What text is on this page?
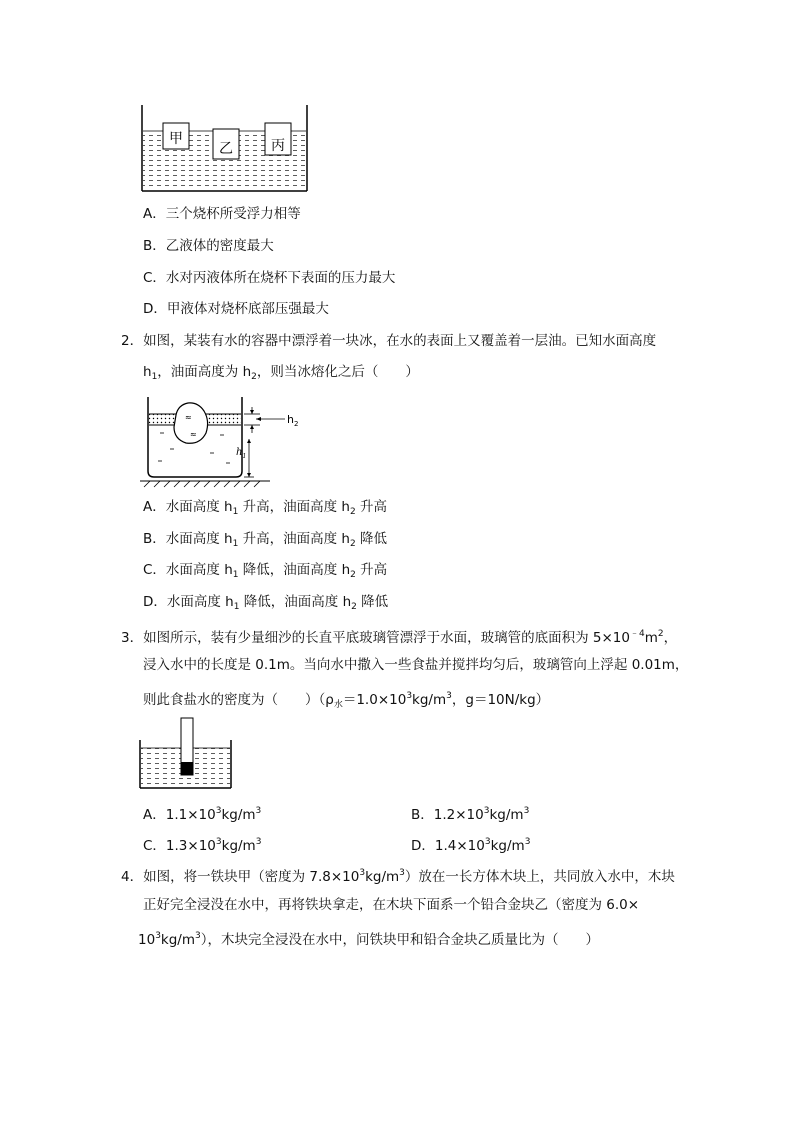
甲
乙	丙
A．三个烧杯所受浮力相等
B．乙液体的密度最大
C．水对丙液体所在烧杯下表面的压力最大
D．甲液体对烧杯底部压强最大
2．如图，某装有水的容器中漂浮着一块冰，在水的表面上又覆盖着一层油。已知水面高度
$h_1$，油面高度为 $h_2$，则当冰熔化之后（　　）
≈
≈
$h_2$
$h_1$
A．水面高度 $h_1$ 升高，油面高度 $h_2$ 升高
B．水面高度 $h_1$ 升高，油面高度 $h_2$ 降低
C．水面高度 $h_1$ 降低，油面高度 $h_2$ 升高
D．水面高度 $h_1$ 降低，油面高度 $h_2$ 降低
3．如图所示，装有少量细沙的长直平底玻璃管漂浮于水面，玻璃管的底面积为 $5\times 10^{﹣4}m^2$，
浸入水中的长度是 0.1m。当向水中撒入一些食盐并搅拌均匀后，玻璃管向上浮起 0.01m，
则此食盐水的密度为（　　）（$\rho_水=1.0\times 10^3kg/m^3$，g＝10N/kg）
A．$1.1\times 10^3kg/m^3$	B．$1.2\times 10^3kg/m^3$
C．$1.3\times 10^3kg/m^3$	D．$1.4\times 10^3kg/m^3$
4．如图，将一铁块甲（密度为 $7.8\times 10^3kg/m^3$）放在一长方体木块上，共同放入水中，木块
正好完全浸没在水中，再将铁块拿走，在木块下面系一个铅合金块乙（密度为 6.0×
$10^3kg/m^3$），木块完全浸没在水中，问铁块甲和铅合金块乙质量比为（　　）
